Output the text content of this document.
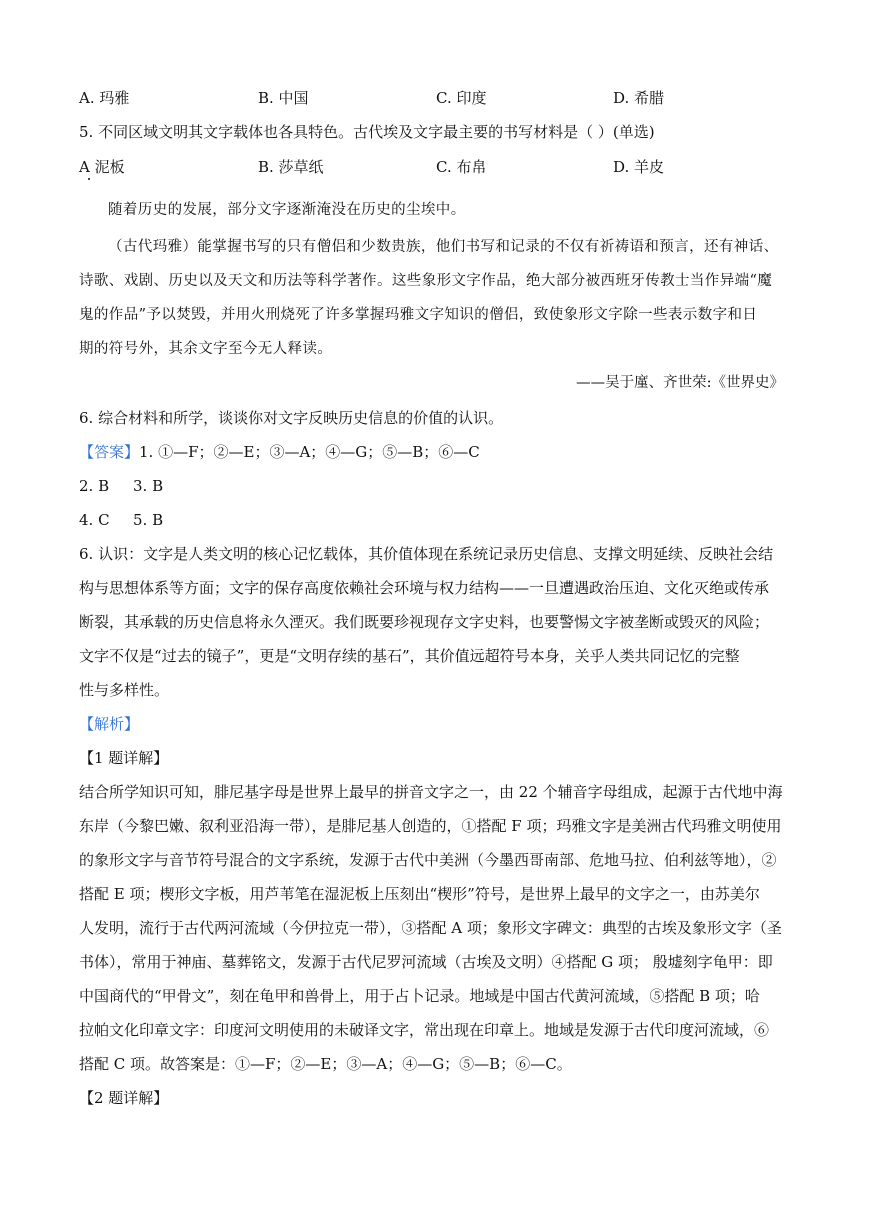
A. 玛雅	B. 中国	C. 印度	D. 希腊
5. 不同区域文明其文字载体也各具特色。古代埃及文字最主要的书写材料是（ ）(单选)
A 泥板	B. 莎草纸	C. 布帛	D. 羊皮
随着历史的发展，部分文字逐渐淹没在历史的尘埃中。
（古代玛雅）能掌握书写的只有僧侣和少数贵族，他们书写和记录的不仅有祈祷语和预言，还有神话、
诗歌、戏剧、历史以及天文和历法等科学著作。这些象形文字作品，绝大部分被西班牙传教士当作异端“魔
鬼的作品”予以焚毁，并用火刑烧死了许多掌握玛雅文字知识的僧侣，致使象形文字除一些表示数字和日
期的符号外，其余文字至今无人释读。
——吴于廑、齐世荣:《世界史》
6. 综合材料和所学，谈谈你对文字反映历史信息的价值的认识。
【答案】1. ①—F；②—E；③—A；④—G；⑤—B；⑥—C
2. B 3. B
4. C 5. B
6. 认识：文字是人类文明的核心记忆载体，其价值体现在系统记录历史信息、支撑文明延续、反映社会结
构与思想体系等方面；文字的保存高度依赖社会环境与权力结构——一旦遭遇政治压迫、文化灭绝或传承
断裂，其承载的历史信息将永久湮灭。我们既要珍视现存文字史料，也要警惕文字被垄断或毁灭的风险；
文字不仅是“过去的镜子”，更是“文明存续的基石”，其价值远超符号本身，关乎人类共同记忆的完整
性与多样性。
【解析】
【1 题详解】
结合所学知识可知，腓尼基字母是世界上最早的拼音文字之一，由 22 个辅音字母组成，起源于古代地中海
东岸（今黎巴嫩、叙利亚沿海一带），是腓尼基人创造的，①搭配 F 项；玛雅文字是美洲古代玛雅文明使用
的象形文字与音节符号混合的文字系统，发源于古代中美洲（今墨西哥南部、危地马拉、伯利兹等地），②
搭配 E 项；楔形文字板，用芦苇笔在湿泥板上压刻出“楔形”符号，是世界上最早的文字之一，由苏美尔
人发明，流行于古代两河流域（今伊拉克一带），③搭配 A 项；象形文字碑文：典型的古埃及象形文字（圣
书体），常用于神庙、墓葬铭文，发源于古代尼罗河流域（古埃及文明）④搭配 G 项； 殷墟刻字龟甲：即
中国商代的“甲骨文”，刻在龟甲和兽骨上，用于占卜记录。地域是中国古代黄河流域，⑤搭配 B 项；哈
拉帕文化印章文字：印度河文明使用的未破译文字，常出现在印章上。地域是发源于古代印度河流域，⑥
搭配 C 项。故答案是：①—F；②—E；③—A；④—G；⑤—B；⑥—C。
【2 题详解】
